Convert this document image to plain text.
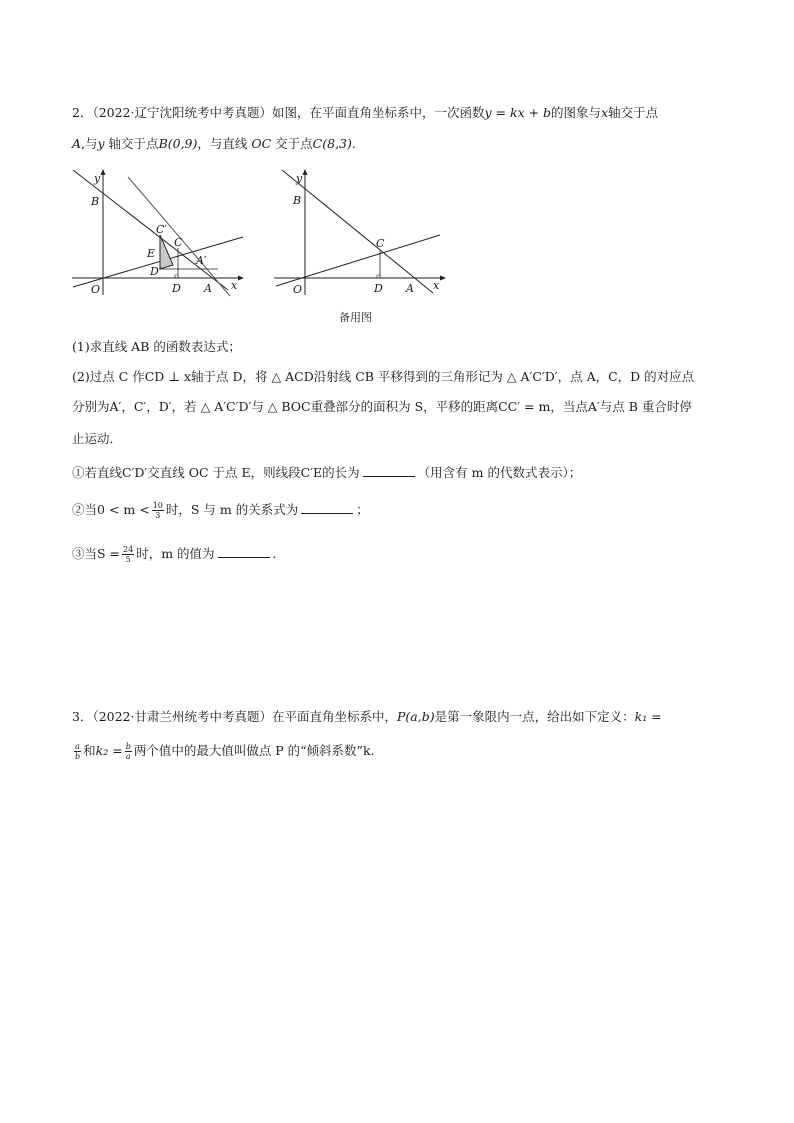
2．（2022·辽宁沈阳统考中考真题）如图，在平面直角坐标系中，一次函数y = kx + b的图象与x轴交于点
A,与y 轴交于点B(0,9)，与直线 OC 交于点C(8,3).
y
B
C′
C
E
D′
A′
O	D A x
y
B
C
O	D A x
备用图
(1)求直线 AB 的函数表达式；
(2)过点 C 作CD ⊥ x轴于点 D，将 △ ACD沿射线 CB 平移得到的三角形记为 △ A′C′D′，点 A，C，D 的对应点
分别为A′，C′，D′，若 △ A′C′D′与 △ BOC重叠部分的面积为 S，平移的距离CC′ = m，当点A′与点 B 重合时停
止运动．
①若直线C′D′交直线 OC 于点 E，则线段C′E的长为	（用含有 m 的代数式表示）；
②当$0 < m < \frac{10}{3}$ 时，S 与 m 的关系式为	；
③当$S = \frac{24}{5}$ 时，m 的值为	．
3．（2022·甘肃兰州统考中考真题）在平面直角坐标系中，P(a,b)是第一象限内一点，给出如下定义：k₁ =
$\frac{a}{b}$ 和$k_2 = \frac{b}{a}$ 两个值中的最大值叫做点 P 的“倾斜系数”k.
